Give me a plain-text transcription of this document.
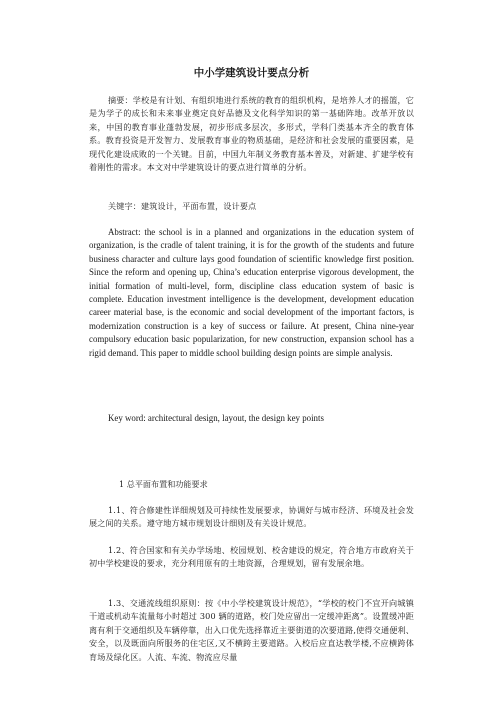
中小学建筑设计要点分析

摘要：学校是有计划、有组织地进行系统的教育的组织机构，是培养人才的摇篮，它是为学子的成长和未来事业奠定良好品德及文化科学知识的第一基础阵地。改革开放以来，中国的教育事业蓬勃发展，初步形成多层次，多形式，学科门类基本齐全的教育体系。教育投资是开发智力、发展教育事业的物质基础，是经济和社会发展的重要因素，是现代化建设成败的一个关键。目前，中国九年制义务教育基本普及，对新建、扩建学校有着刚性的需求。本文对中学建筑设计的要点进行简单的分析。

关键字：建筑设计，平面布置，设计要点

Abstract: the school is in a planned and organizations in the education system of organization, is the cradle of talent training, it is for the growth of the students and future business character and culture lays good foundation of scientific knowledge first position. Since the reform and opening up, China’s education enterprise vigorous development, the initial formation of multi-level, form, discipline class education system of basic is complete. Education investment intelligence is the development, development education career material base, is the economic and social development of the important factors, is modernization construction is a key of success or failure. At present, China nine-year compulsory education basic popularization, for new construction, expansion school has a rigid demand. This paper to middle school building design points are simple analysis.

Key word: architectural design, layout, the design key points

1 总平面布置和功能要求

1.1、符合修建性详细规划及可持续性发展要求，协调好与城市经济、环境及社会发展之间的关系。遵守地方城市规划设计细则及有关设计规范。

1.2、符合国家和有关办学场地、校园规划、校舍建设的规定，符合地方市政府关于初中学校建设的要求，充分利用原有的土地资源，合理规划，留有发展余地。

1.3、交通流线组织原则：按《中小学校建筑设计规范》，“学校的校门不宜开向城镇干道或机动车流量每小时超过 300 辆的道路，校门处应留出一定缓冲距离”。设置缓冲距离有利于交通组织及车辆停靠，出入口优先选择靠近主要街道的次要道路,使得交通便利、安全，以及既面向所服务的住宅区,又不横跨主要道路。入校后应直达教学楼,不应横跨体育场及绿化区。人流、车流、物流应尽量
